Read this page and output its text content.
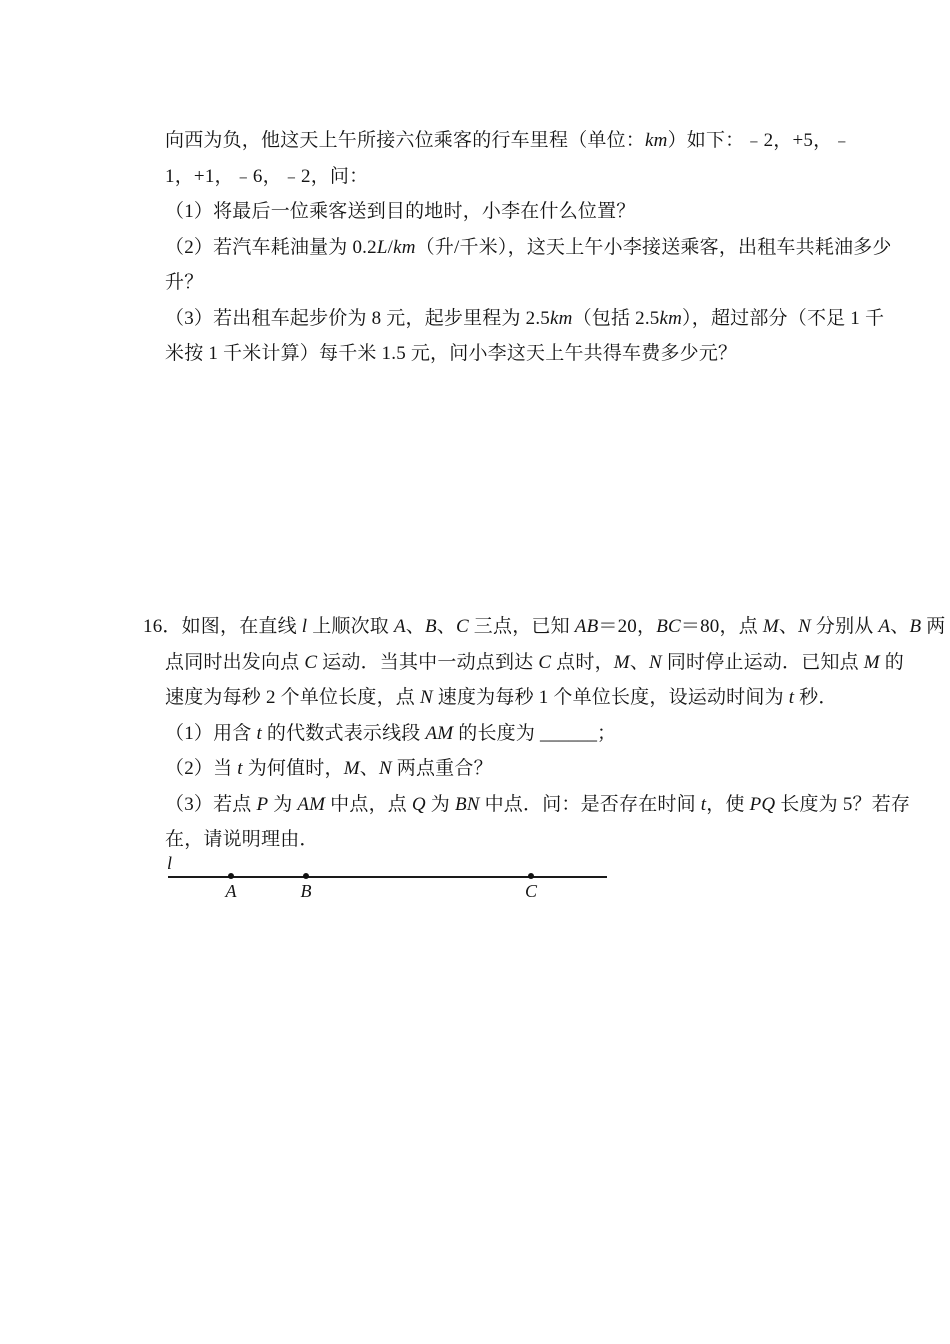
向西为负，他这天上午所接六位乘客的行车里程（单位：km）如下：﹣2，+5，﹣
1，+1，﹣6，﹣2，问：
（1）将最后一位乘客送到目的地时，小李在什么位置？
（2）若汽车耗油量为 0.2L/km（升/千米），这天上午小李接送乘客，出租车共耗油多少
升？
（3）若出租车起步价为 8 元，起步里程为 2.5km（包括 2.5km），超过部分（不足 1 千
米按 1 千米计算）每千米 1.5 元，问小李这天上午共得车费多少元？
16．如图，在直线 l 上顺次取 A、B、C 三点，已知 AB＝20，BC＝80，点 M、N 分别从 A、B 两
点同时出发向点 C 运动．当其中一动点到达 C 点时，M、N 同时停止运动．已知点 M 的
速度为每秒 2 个单位长度，点 N 速度为每秒 1 个单位长度，设运动时间为 t 秒．
（1）用含 t 的代数式表示线段 AM 的长度为 ______；
（2）当 t 为何值时，M、N 两点重合？
（3）若点 P 为 AM 中点，点 Q 为 BN 中点．问：是否存在时间 t，使 PQ 长度为 5？若存
在，请说明理由．
l
A	B	C
